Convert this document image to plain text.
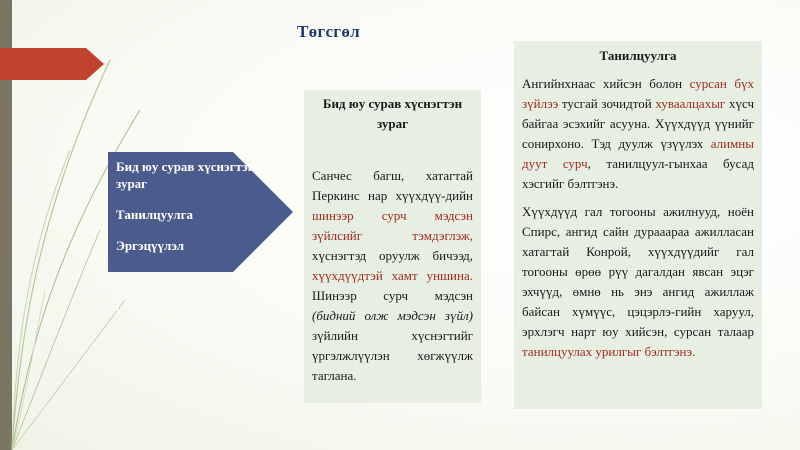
Төгсгөл
Бид юу сурав хүснэгтэн зураг
Танилцуулга
Эргэцүүлэл
(
Бид юу сурав хүснэгтэн зураг
Санчес багш, хатагтай Перкинс нар хүүхдүү-дийн шинээр сурч мэдсэн зүйлсийг тэмдэглэж, хүснэгтэд оруулж бичээд, хүүхдүүдтэй хамт уншина. Шинээр сурч мэдсэн (бидний олж мэдсэн зүйл) зүйлийн хүснэгтийг үргэлжлүүлэн хөгжүүлж таглана.
Танилцуулга
Ангийнхнаас хийсэн болон сурсан бүх зүйлээ тусгай зочидтой хуваалцахыг хүсч байгаа эсэхийг асууна. Хүүхдүүд үүнийг сонирхоно. Тэд дуулж үзүүлэх алимны дуут сурч, танилцуул-гынхаа бусад хэсгийг бэлтгэнэ.
Хүүхдүүд гал тогооны ажилнууд, ноён Спирс, ангид сайн дурааараа ажилласан хатагтай Конрой, хүүхдүүдийг гал тогооны өрөө рүү дагалдан явсан эцэг эхчүүд, өмнө нь энэ ангид ажиллаж байсан хүмүүс, цэцэрлэ-гийн харуул, эрхлэгч нарт юу хийсэн, сурсан талаар танилцуулах урилгыг бэлтгэнэ.
